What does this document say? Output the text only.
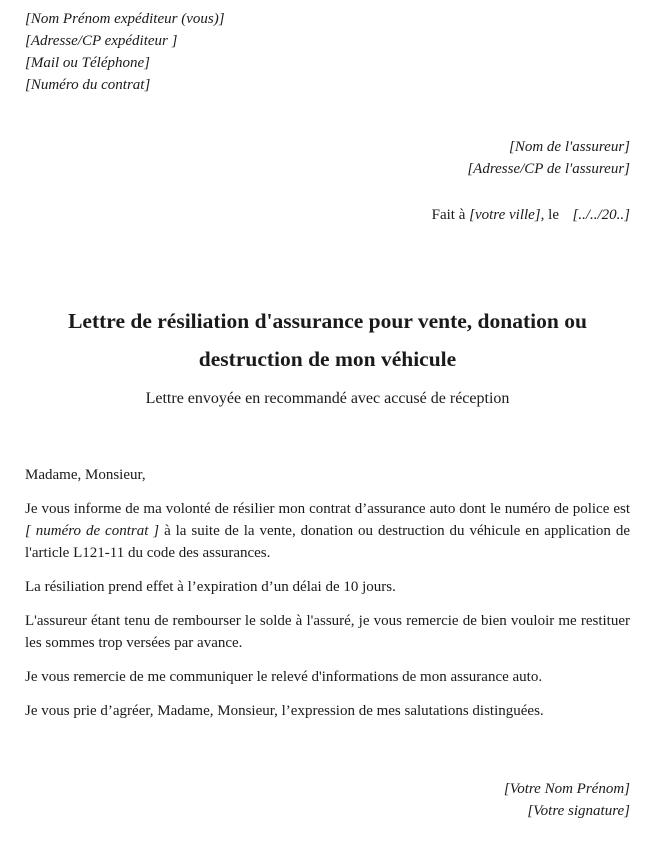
[Nom Prénom expéditeur (vous)]
[Adresse/CP expéditeur ]
[Mail ou Téléphone]
[Numéro du contrat]
[Nom de l'assureur]
[Adresse/CP de l'assureur]
Fait à [votre ville], le [../../20..]
Lettre de résiliation d'assurance pour vente, donation ou destruction de mon véhicule
Lettre envoyée en recommandé avec accusé de réception

Madame, Monsieur,

Je vous informe de ma volonté de résilier mon contrat d’assurance auto dont le numéro de police est [ numéro de contrat ] à la suite de la vente, donation ou destruction du véhicule en application de l'article L121-11 du code des assurances.

La résiliation prend effet à l’expiration d’un délai de 10 jours.

L'assureur étant tenu de rembourser le solde à l'assuré, je vous remercie de bien vouloir me restituer les sommes trop versées par avance.

Je vous remercie de me communiquer le relevé d'informations de mon assurance auto.

Je vous prie d’agréer, Madame, Monsieur, l’expression de mes salutations distinguées.

[Votre Nom Prénom]
[Votre signature]
